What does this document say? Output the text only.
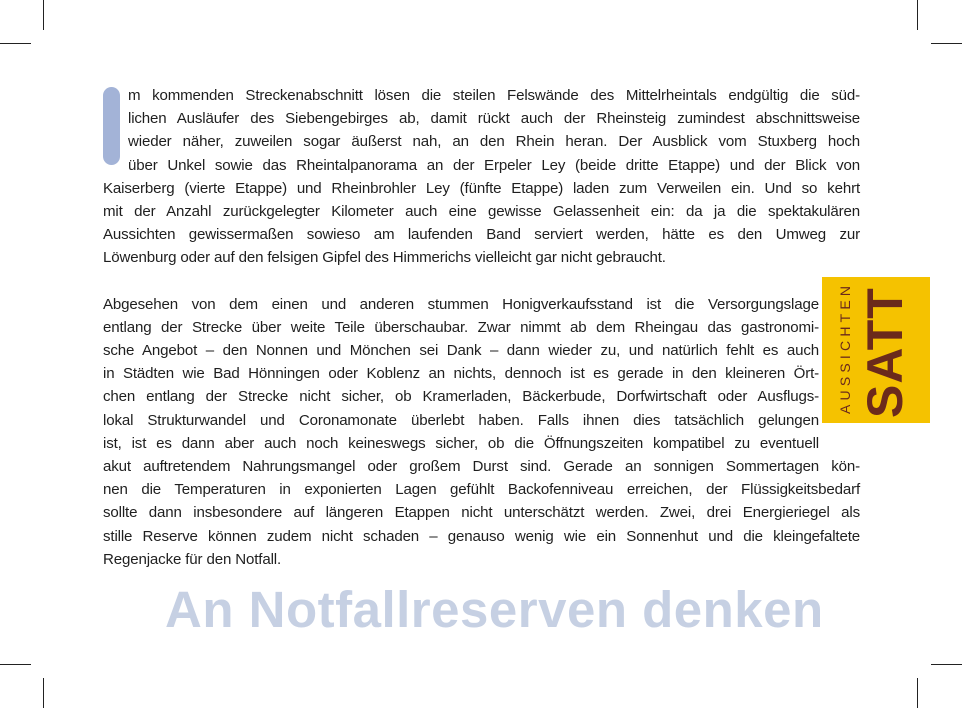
m kommenden Streckenabschnitt lösen die steilen Felswände des Mittelrheintals endgültig die süd-
lichen Ausläufer des Siebengebirges ab, damit rückt auch der Rheinsteig zumindest abschnittsweise
wieder näher, zuweilen sogar äußerst nah, an den Rhein heran. Der Ausblick vom Stuxberg hoch
über Unkel sowie das Rheintalpanorama an der Erpeler Ley (beide dritte Etappe) und der Blick von
Kaiserberg (vierte Etappe) und Rheinbrohler Ley (fünfte Etappe) laden zum Verweilen ein. Und so kehrt
mit der Anzahl zurückgelegter Kilometer auch eine gewisse Gelassenheit ein: da ja die spektakulären
Aussichten gewissermaßen sowieso am laufenden Band serviert werden, hätte es den Umweg zur
Löwenburg oder auf den felsigen Gipfel des Himmerichs vielleicht gar nicht gebraucht.

Abgesehen von dem einen und anderen stummen Honigverkaufsstand ist die Versorgungslage
entlang der Strecke über weite Teile überschaubar. Zwar nimmt ab dem Rheingau das gastronomi-
sche Angebot – den Nonnen und Mönchen sei Dank – dann wieder zu, und natürlich fehlt es auch
in Städten wie Bad Hönningen oder Koblenz an nichts, dennoch ist es gerade in den kleineren Ört-
chen entlang der Strecke nicht sicher, ob Kramerladen, Bäckerbude, Dorfwirtschaft oder Ausflugs-
lokal Strukturwandel und Coronamonate überlebt haben. Falls ihnen dies tatsächlich gelungen
ist, ist es dann aber auch noch keineswegs sicher, ob die Öffnungszeiten kompatibel zu eventuell

akut auftretendem Nahrungsmangel oder großem Durst sind. Gerade an sonnigen Sommertagen kön-
nen die Temperaturen in exponierten Lagen gefühlt Backofenniveau erreichen, der Flüssigkeitsbedarf
sollte dann insbesondere auf längeren Etappen nicht unterschätzt werden. Zwei, drei Energieriegel als
stille Reserve können zudem nicht schaden – genauso wenig wie ein Sonnenhut und die kleingefaltete
Regenjacke für den Notfall.

AUSSICHTEN SATT
An Notfallreserven denken
